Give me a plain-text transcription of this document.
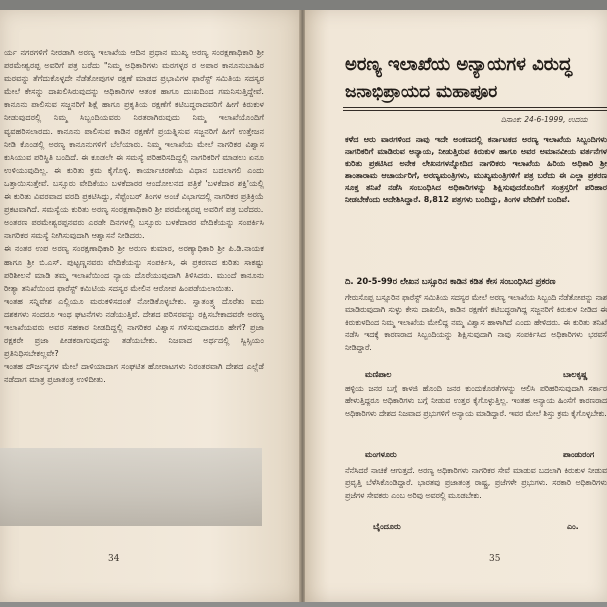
ರ್ಯ ನಗರಗಳಿಗೆ ನೀರಡಾಗಿ ಅರಣ್ಯ ಇಲಾಖೆಯ ಆದಿನ ಪ್ರಧಾನ ಮುಖ್ಯ ಅರಣ್ಯ ಸಂರಕ್ಷಣಾಧಿಕಾರಿ ಶ್ರೀ ಪರಮೇಶ್ವರಪ್ಪ ಅವರಿಗೆ ಪತ್ರ ಬರೆದು "ನಿಮ್ಮ ಅಧಿಕಾರಿಗಳು ಮರಗಳ್ಳರ ರ ಅಪಾರ ಕಾನೂನುಬಾಹಿರ ಮರವನ್ನು ತೆಗೆದುಕೊಳ್ಳದೇ ನೆಡೆತೋಪುಗಳ ರಕ್ಷಣೆ ಮಾಡದ ಪ್ರಭಾವಿಗಳ ಫಾರೆಸ್ಟ್ ಸಮಿತಿಯ ಸದಸ್ಯರ ಮೇಲೆ ಕೇಸನ್ನು ದಾಖಲಿಸಿರುವುದನ್ನು ಆಧಿಕಾರಿಗಳ ಆತಂಕ ಹಾಗೂ ದುಃಖದಿಂದ ಗಮನಿಸುತ್ತಿದ್ದೇವೆ. ಕಾನೂನು ಪಾಲಿಸುವ ಸಜ್ಜನರಿಗೆ ಶಿಕ್ಷೆ ಹಾಗೂ ಪ್ರಕೃತಿಯ ರಕ್ಷಣೆಗೆ ಕಟಿಬದ್ಧರಾದವರಿಗೆ ಹೀಗೆ ಕಿರುಕುಳ ನೀಡುವುದರಲ್ಲಿ ನಿಮ್ಮ ಸಿಬ್ಬಂದಿಯವರು ನಿರತರಾಗಿರುವುದು ನಿಮ್ಮ ಇಲಾಖೆಯೊಂದಿಗೆ ವ್ಯವಹರಿಸಲಾರದು. ಕಾನೂನು ಪಾಲಿಸುವ ಕಾಡಿನ ರಕ್ಷಣೆಗೆ ಪ್ರಯತ್ನಿಸುವ ಸಜ್ಜನರಿಗೆ ಹೀಗೆ ಉತ್ತೇಜನ ನೀಡಿ ಕೊಂಡಲ್ಲಿ ಅರಣ್ಯ ಕಾನೂನುಗಳಿಗೆ ಬೆಲೆಯಾರು. ನಿಮ್ಮ ಇಲಾಖೆಯ ಮೇಲೆ ನಾಗರಿಕರ ವಿಶ್ವಾಸ ಕುಸಿಯುವ ಪರಿಸ್ಥಿತಿ ಬಂದಿದೆ. ಈ ಕೂಡಲೇ ಈ ಸಮಸ್ಯೆ ಪರಿಹರಿಸದಿದ್ದಲ್ಲಿ ನಾಗರಿಕರಿಗೆ ಮಾಡಲು ಏನೂ ಉಳಿಯುವುದಿಲ್ಲ. ಈ ಕುರಿತು ಕ್ರಮ ಕೈಗೊಳ್ಳಿ. ಕಾರ್ಯಾಚರಣೆಯ ವಿಧಾನ ಬದಲಾಗಲಿ ಎಂದು ಒತ್ತಾಯಿಸುತ್ತೇವೆ. ಬಸ್ಸೂರು ವೇದಿಕೆಯು ಬಳಕೆದಾರರ ಆಂದೋಲನದ ಪತ್ರಿಕೆ 'ಬಳಕೆದಾರ ಶಕ್ತಿ'ಯಲ್ಲಿ ಈ ಕುರಿತು ವಿವರವಾದ ವರದಿ ಪ್ರಕಟಿಸಿದ್ದು, ಸೆಪ್ಟೆಂಬರ್ ತಿಂಗಳ ಅಂಚೆ ವಿಭಾಗದಲ್ಲಿ ನಾಗರಿಕರ ಪ್ರತಿಕ್ರಿಯೆ ಪ್ರಕಟವಾಗಿದೆ. ಸಮಸ್ಯೆಯ ಕುರಿತು ಅರಣ್ಯ ಸಂರಕ್ಷಣಾಧಿಕಾರಿ ಶ್ರೀ ಪರಮೇಶ್ವರಪ್ಪ ಅವರಿಗೆ ಪತ್ರ ಬರೆದರು.

ಅಂತರಣ ಪರಮೇಶ್ವರಪ್ಪನವರು ಎರಡೇ ದಿನಗಳಲ್ಲಿ ಬಸ್ಸೂರು ಬಳಕೆದಾರರ ವೇದಿಕೆಯನ್ನು ಸಂಪರ್ಕಿಸಿ ನಾಗರಿಕರ ಸಮಸ್ಯೆ ನೀಗಿಸುವುದಾಗಿ ಆಶ್ವಾಸನೆ ನೀಡಿದರು.

ಈ ನಂತರ ಉಪ ಅರಣ್ಯ ಸಂರಕ್ಷಣಾಧಿಕಾರಿ ಶ್ರೀ ಅರುಣ ಕುಮಾರ, ಅರಣ್ಯಾಧಿಕಾರಿ ಶ್ರೀ ಪಿ.ಡಿ.ನಾಯಕ ಹಾಗೂ ಶ್ರೀ ಬಿ.ಎಸ್. ಪುಟ್ಟಣ್ಣನವರು ವೇದಿಕೆಯನ್ನು ಸಂಪರ್ಕಿಸಿ, ಈ ಪ್ರಕರಣದ ಕುರಿತು ಸಾಕಷ್ಟು ಪರಿಶೀಲನೆ ಮಾಡಿ ತಮ್ಮ ಇಲಾಖೆಯಿಂದ ನ್ಯಾಯ ದೊರೆಯುವುದಾಗಿ ತಿಳಿಸಿದರು. ಮುಂದೆ ಕಾನೂನು ರೀತ್ಯಾ ತನಿಖೆಯಿಂದ ಫಾರೆಸ್ಟ್ ಕಮಿಟಿಯ ಸದಸ್ಯರ ಮೇಲಿನ ಆರೋಪ ಹಿಂಪಡೆಯಲಾಯಿತು.

ಇಂತಹ ಸನ್ನಿವೇಶ ಎಲ್ಲಿಯೂ ಮರುಕಳಿಸದಂತೆ ನೋಡಿಕೊಳ್ಳಬೇಕು. ಸ್ವಾತಂತ್ರ್ಯ ದೊರೆತು ಐದು ದಶಕಗಳು ಸಂದರೂ ಇಂಥ ಘಟನೆಗಳು ನಡೆಯುತ್ತಿವೆ. ದೇಶದ ಪರಿಸರವನ್ನು ರಕ್ಷಿಸಬೇಕಾದವರೇ ಅರಣ್ಯ ಇಲಾಖೆಯವರು ಅವರ ಸಹಕಾರ ನೀಡದಿದ್ದಲ್ಲಿ ನಾಗರಿಕರ ವಿಶ್ವಾಸ ಗಳಿಸುವುದಾದರೂ ಹೇಗೆ? ಪ್ರಜಾ ರಕ್ಷಕರೇ ಪ್ರಜಾ ಪೀಡಕರಾಗುವುದನ್ನು ತಡೆಯಬೇಕು. ನಿಜವಾದ ಅರ್ಥದಲ್ಲಿ ಸ್ವಿಸ್ಸಿಯಂ ಪ್ರತಿನಿಧಿಸಬೇಕಲ್ಲವೇ?

ಇಂತಹ ದೌರ್ಜನ್ಯಗಳ ಮೇಲೆ ದಾಳಿಯಾದಾಗ ಸಂಘಟಿತ ಹೋರಾಟಗಳು ನಿರಂತರವಾಗಿ ದೇಶದ ಎಲ್ಲೆಡೆ ನಡೆದಾಗ ಮಾತ್ರ ಪ್ರಜಾತಂತ್ರ ಉಳಿದೀತು.

34
ಅರಣ್ಯ ಇಲಾಖೆಯ ಅನ್ಯಾಯಗಳ ವಿರುದ್ಧ
ಜನಾಭಿಪ್ರಾಯದ ಮಹಾಪೂರ
ದಿನಾಂಕ: 24-6-1999, ಉದಯ

ಕಳೆದ ಆರು ವಾರಗಳಿಂದ ನಾವು ಇದೇ ಅಂಕಣದಲ್ಲಿ ಕರ್ನಾಟಕದ ಅರಣ್ಯ ಇಲಾಖೆಯ ಸಿಬ್ಬಂದಿಗಳು ನಾಗರಿಕರಿಗೆ ಮಾಡಿರುವ ಅನ್ಯಾಯ, ನೀಡುತ್ತಿರುವ ಕಿರುಕುಳ ಹಾಗೂ ಅವರ ಅಮಾನವೀಯ ವರ್ತನೆಗಳ ಕುರಿತು ಪ್ರಕಟಿಸಿದ ಅನೇಕ ಲೇಖನಗಳನ್ನೋದಿದ ನಾಗರಿಕರು ಇಲಾಖೆಯ ಹಿರಿಯ ಅಧಿಕಾರಿ ಶ್ರೀ ಶಾಂತಾರಾಮ ಆಚಾರ್ಯರಿಗೆ, ಅರಣ್ಯಮಂತ್ರಿಗಳು, ಮುಖ್ಯಮಂತ್ರಿಗಳಿಗೆ ಪತ್ರ ಬರೆದು ಈ ಎಲ್ಲಾ ಪ್ರಕರಣ ಸೂಕ್ತ ತನಿಖೆ ನಡೆಸಿ ಸಂಬಂಧಿಸಿದ ಅಧಿಕಾರಿಗಳನ್ನು ಶಿಕ್ಷಿಸುವುದರೊಂದಿಗೆ ಸಂತ್ರಸ್ತರಿಗೆ ಪರಿಹಾರ ನೀಡಬೇಕೆಂದು ಆದೇಶಿಸಿದ್ದಾರೆ. 8,812 ಪತ್ರಗಳು ಬಂದಿದ್ದು, ತಿಂಗಳ ವೇದಿಕೆಗೆ ಬಂದಿವೆ.

ದಿ. 20-5-99ರ ಲೇಖನ ಬಸ್ಸೂರಿನ ಕಾಡಿನ ಕಡಿತ ಕೇಸ ಸಂಬಂಧಿಸಿದ ಪ್ರಕರಣ
ಗೇರುಸೊಪ್ಪ ಬಸ್ಸೂರಿನ ಫಾರೆಸ್ಟ್ ಸಮಿತಿಯ ಸದಸ್ಯರ ಮೇಲೆ ಅರಣ್ಯ ಇಲಾಖೆಯ ಸಿಬ್ಬಂದಿ ನೆಡೆತೋಪನ್ನು ನಾಶ ಮಾಡಿರುವುದಾಗಿ ಸುಳ್ಳು ಕೇಸು ದಾಖಲಿಸಿ, ಕಾಡಿನ ರಕ್ಷಣೆಗೆ ಕಟಿಬದ್ಧರಾಗಿದ್ದ ಸಜ್ಜನರಿಗೆ ಕಿರುಕುಳ ನೀಡಿದ ಈ ಕಿರುಕುಳದಿಂದ ನಿಮ್ಮ ಇಲಾಖೆಯ ಮೇಲಿದ್ದ ನಮ್ಮ ವಿಶ್ವಾಸ ಹಾಳಾಗಿದೆ ಎಂದು ಹೇಳಿದರು. ಈ ಕುರಿತು ತನಿಖೆ ನಡೆಸಿ ಇದಕ್ಕೆ ಕಾರಣರಾದ ಸಿಬ್ಬಂದಿಯನ್ನು ಶಿಕ್ಷಿಸುವುದಾಗಿ ನಾವು ಸಂಪರ್ಕಿಸಿದ ಅಧಿಕಾರಿಗಳು ಭರವಸೆ ನೀಡಿದ್ದಾರೆ.
ಮಣಿಪಾಲ	ಬಾಲಕೃಷ್ಣ
ಹಳ್ಳಿಯ ಜನರ ಬಗ್ಗೆ ಕಾಳಜಿ ಹೊಂದಿ ಜನರ ಕುಂದುಕೊರತೆಗಳನ್ನು ಆಲಿಸಿ ಪರಿಹರಿಸುವುದಾಗಿ ಸರ್ಕಾರ ಹೇಳುತ್ತಿದ್ದರೂ ಅಧಿಕಾರಿಗಳು ಬಗ್ಗೆ ನೀಡುವ ಉತ್ತರ ಕೈಗೊಳ್ಳುತ್ತಿಲ್ಲ. ಇಂತಹ ಅನ್ಯಾಯ ಹಿಂಸೆಗೆ ಕಾರಣರಾದ ಅಧಿಕಾರಿಗಳು ದೇಶದ ನಿಜವಾದ ಪ್ರಭುಗಳಿಗೆ ಅನ್ಯಾಯ ಮಾಡಿದ್ದಾರೆ. ಇವರ ಮೇಲೆ ಶಿಸ್ತು ಕ್ರಮ ಕೈಗೊಳ್ಳಬೇಕು.
ಮಂಗಳೂರು	ಪಾಂಡುರಂಗ
ನೆನೆಸಿದರೆ ನಾಚಿಕೆ ಆಗುತ್ತದೆ. ಅರಣ್ಯ ಅಧಿಕಾರಿಗಳು ನಾಗರಿಕರ ಸೇವೆ ಮಾಡುವ ಬದಲಾಗಿ ಕಿರುಕುಳ ನೀಡುವ ಪ್ರವೃತ್ತಿ ಬೆಳೆಸಿಕೊಂಡಿದ್ದಾರೆ. ಭಾರತವು ಪ್ರಜಾತಂತ್ರ ರಾಷ್ಟ್ರ, ಪ್ರಜೆಗಳೇ ಪ್ರಭುಗಳು. ಸರಕಾರಿ ಅಧಿಕಾರಿಗಳು ಪ್ರಜೆಗಳ ಸೇವಕರು ಎಂಬ ಅರಿವು ಅವರಲ್ಲಿ ಮೂಡಬೇಕು.
ಬೈಂದೂರು	ಎಂ.
35
